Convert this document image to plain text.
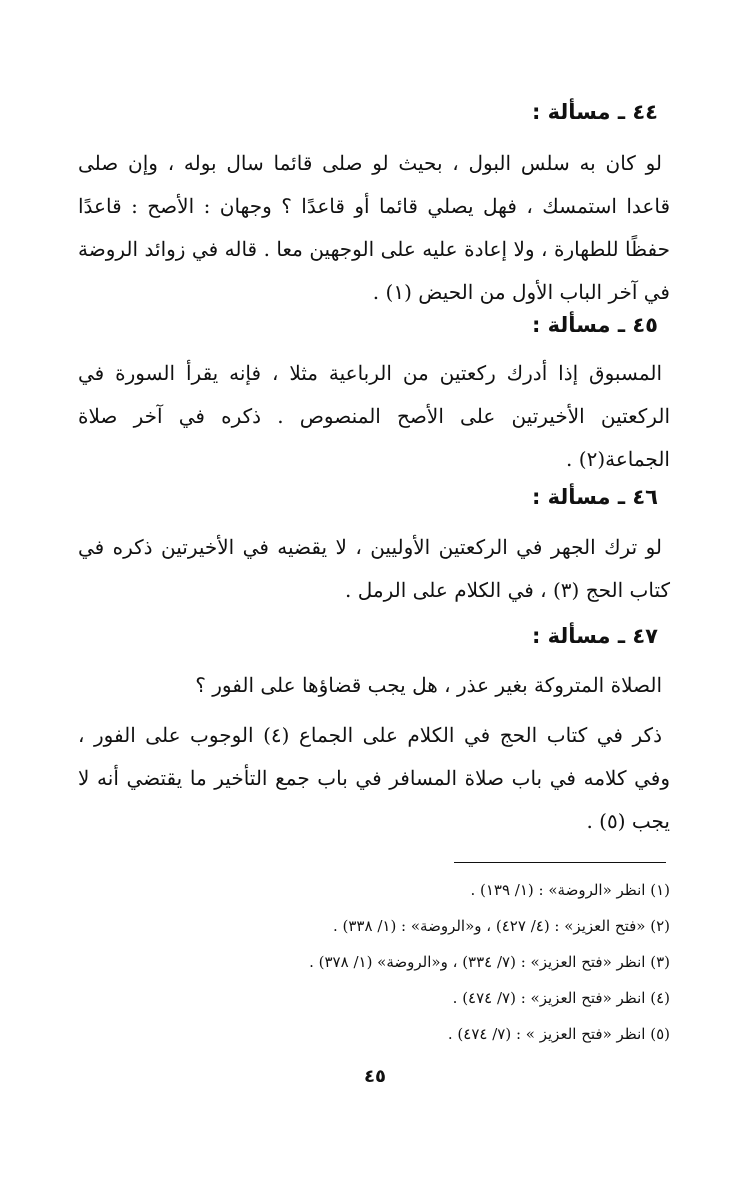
٤٤ ـ مسألة :
لو كان به سلس البول ، بحيث لو صلى قائما سال بوله ، وإن صلى قاعدا استمسك ، فهل يصلي قائما أو قاعدًا ؟ وجهان : الأصح : قاعدًا حفظًا للطهارة ، ولا إعادة عليه على الوجهين معا . قاله في زوائد الروضة في آخر الباب الأول من الحيض (١) .
٤٥ ـ مسألة :
المسبوق إذا أدرك ركعتين من الرباعية مثلا ، فإنه يقرأ السورة في الركعتين الأخيرتين على الأصح المنصوص . ذكره في آخر صلاة الجماعة(٢) .
٤٦ ـ مسألة :
لو ترك الجهر في الركعتين الأوليين ، لا يقضيه في الأخيرتين ذكره في كتاب الحج (٣) ، في الكلام على الرمل .
٤٧ ـ مسألة :
الصلاة المتروكة بغير عذر ، هل يجب قضاؤها على الفور ؟
ذكر في كتاب الحج في الكلام على الجماع (٤) الوجوب على الفور ، وفي كلامه في باب صلاة المسافر في باب جمع التأخير ما يقتضي أنه لا يجب (٥) .
(١) انظر «الروضة» : (١/ ١٣٩) .
(٢) «فتح العزيز» : (٤/ ٤٢٧) ، و«الروضة» : (١/ ٣٣٨) .
(٣) انظر «فتح العزيز» : (٧/ ٣٣٤) ، و«الروضة» (١/ ٣٧٨) .
(٤) انظر «فتح العزيز» : (٧/ ٤٧٤) .
(٥) انظر «فتح العزيز » : (٧/ ٤٧٤) .
٤٥
